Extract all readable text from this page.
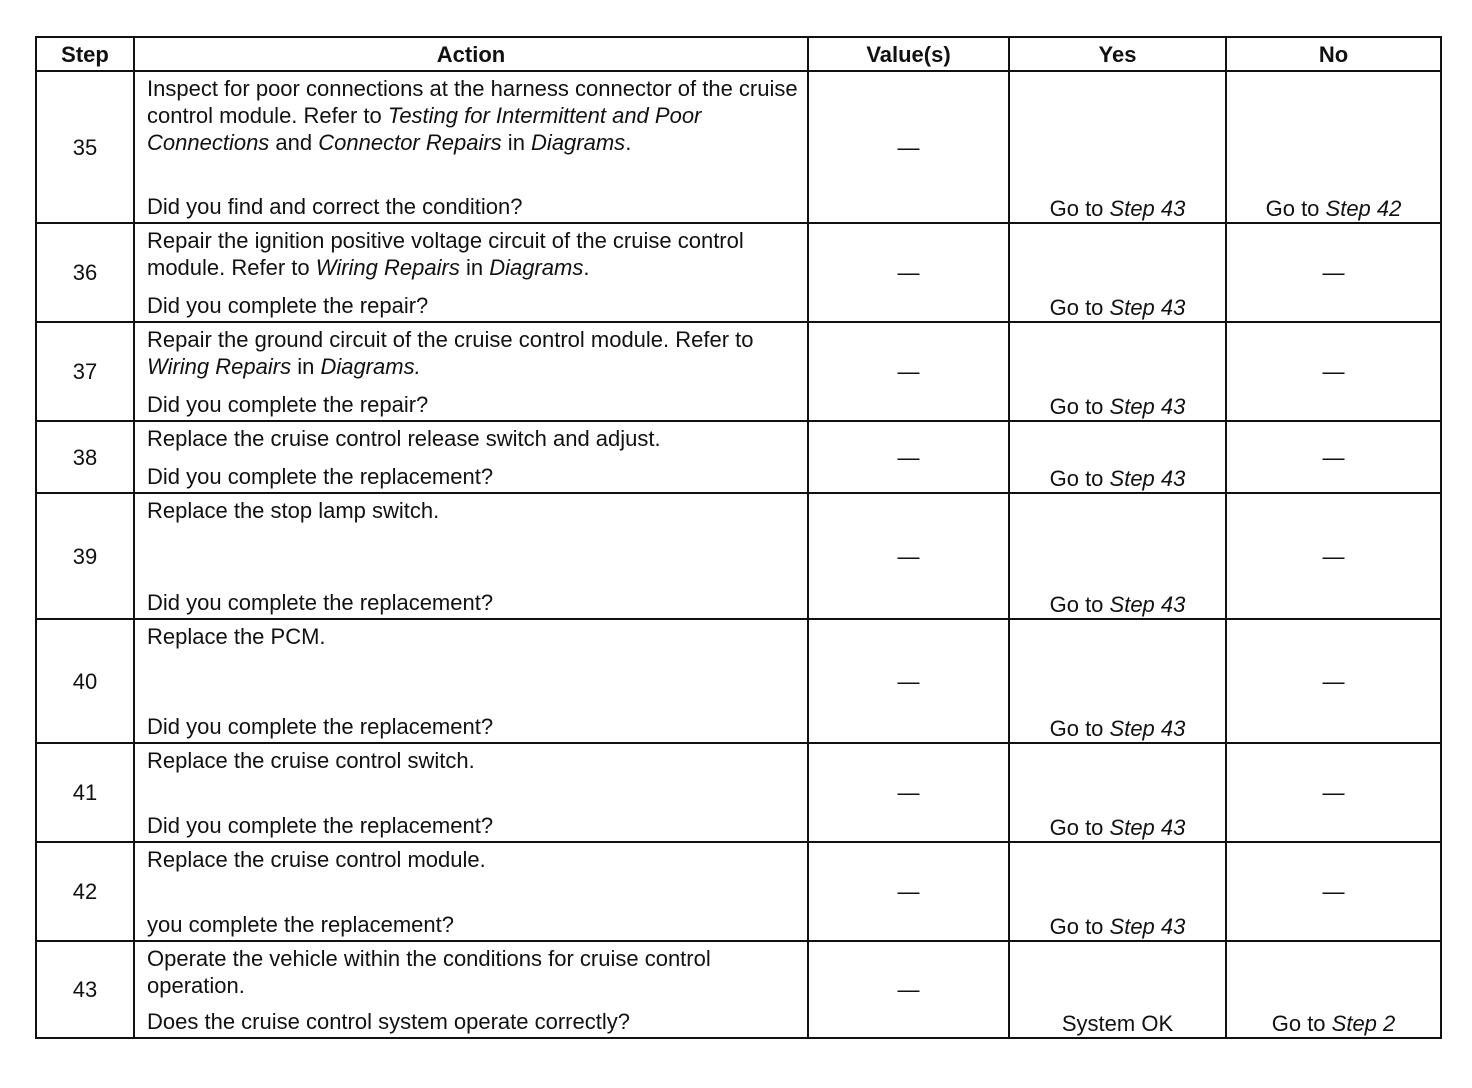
Step	Action	Value(s)	Yes	No
35	Inspect for poor connections at the harness connector of the cruise control module. Refer to Testing for Intermittent and Poor Connections and Connector Repairs in Diagrams.
Did you find and correct the condition?	—	Go to Step 43	Go to Step 42
36	Repair the ignition positive voltage circuit of the cruise control module. Refer to Wiring Repairs in Diagrams.
Did you complete the repair?	—	Go to Step 43	—
37	Repair the ground circuit of the cruise control module. Refer to Wiring Repairs in Diagrams.
Did you complete the repair?	—	Go to Step 43	—
38	Replace the cruise control release switch and adjust.
Did you complete the replacement?	—	Go to Step 43	—
39	Replace the stop lamp switch.
Did you complete the replacement?	—	Go to Step 43	—
40	Replace the PCM.
Did you complete the replacement?	—	Go to Step 43	—
41	Replace the cruise control switch.
Did you complete the replacement?	—	Go to Step 43	—
42	Replace the cruise control module.
you complete the replacement?	—	Go to Step 43	—
43	Operate the vehicle within the conditions for cruise control operation.
Does the cruise control system operate correctly?	—	System OK	Go to Step 2
